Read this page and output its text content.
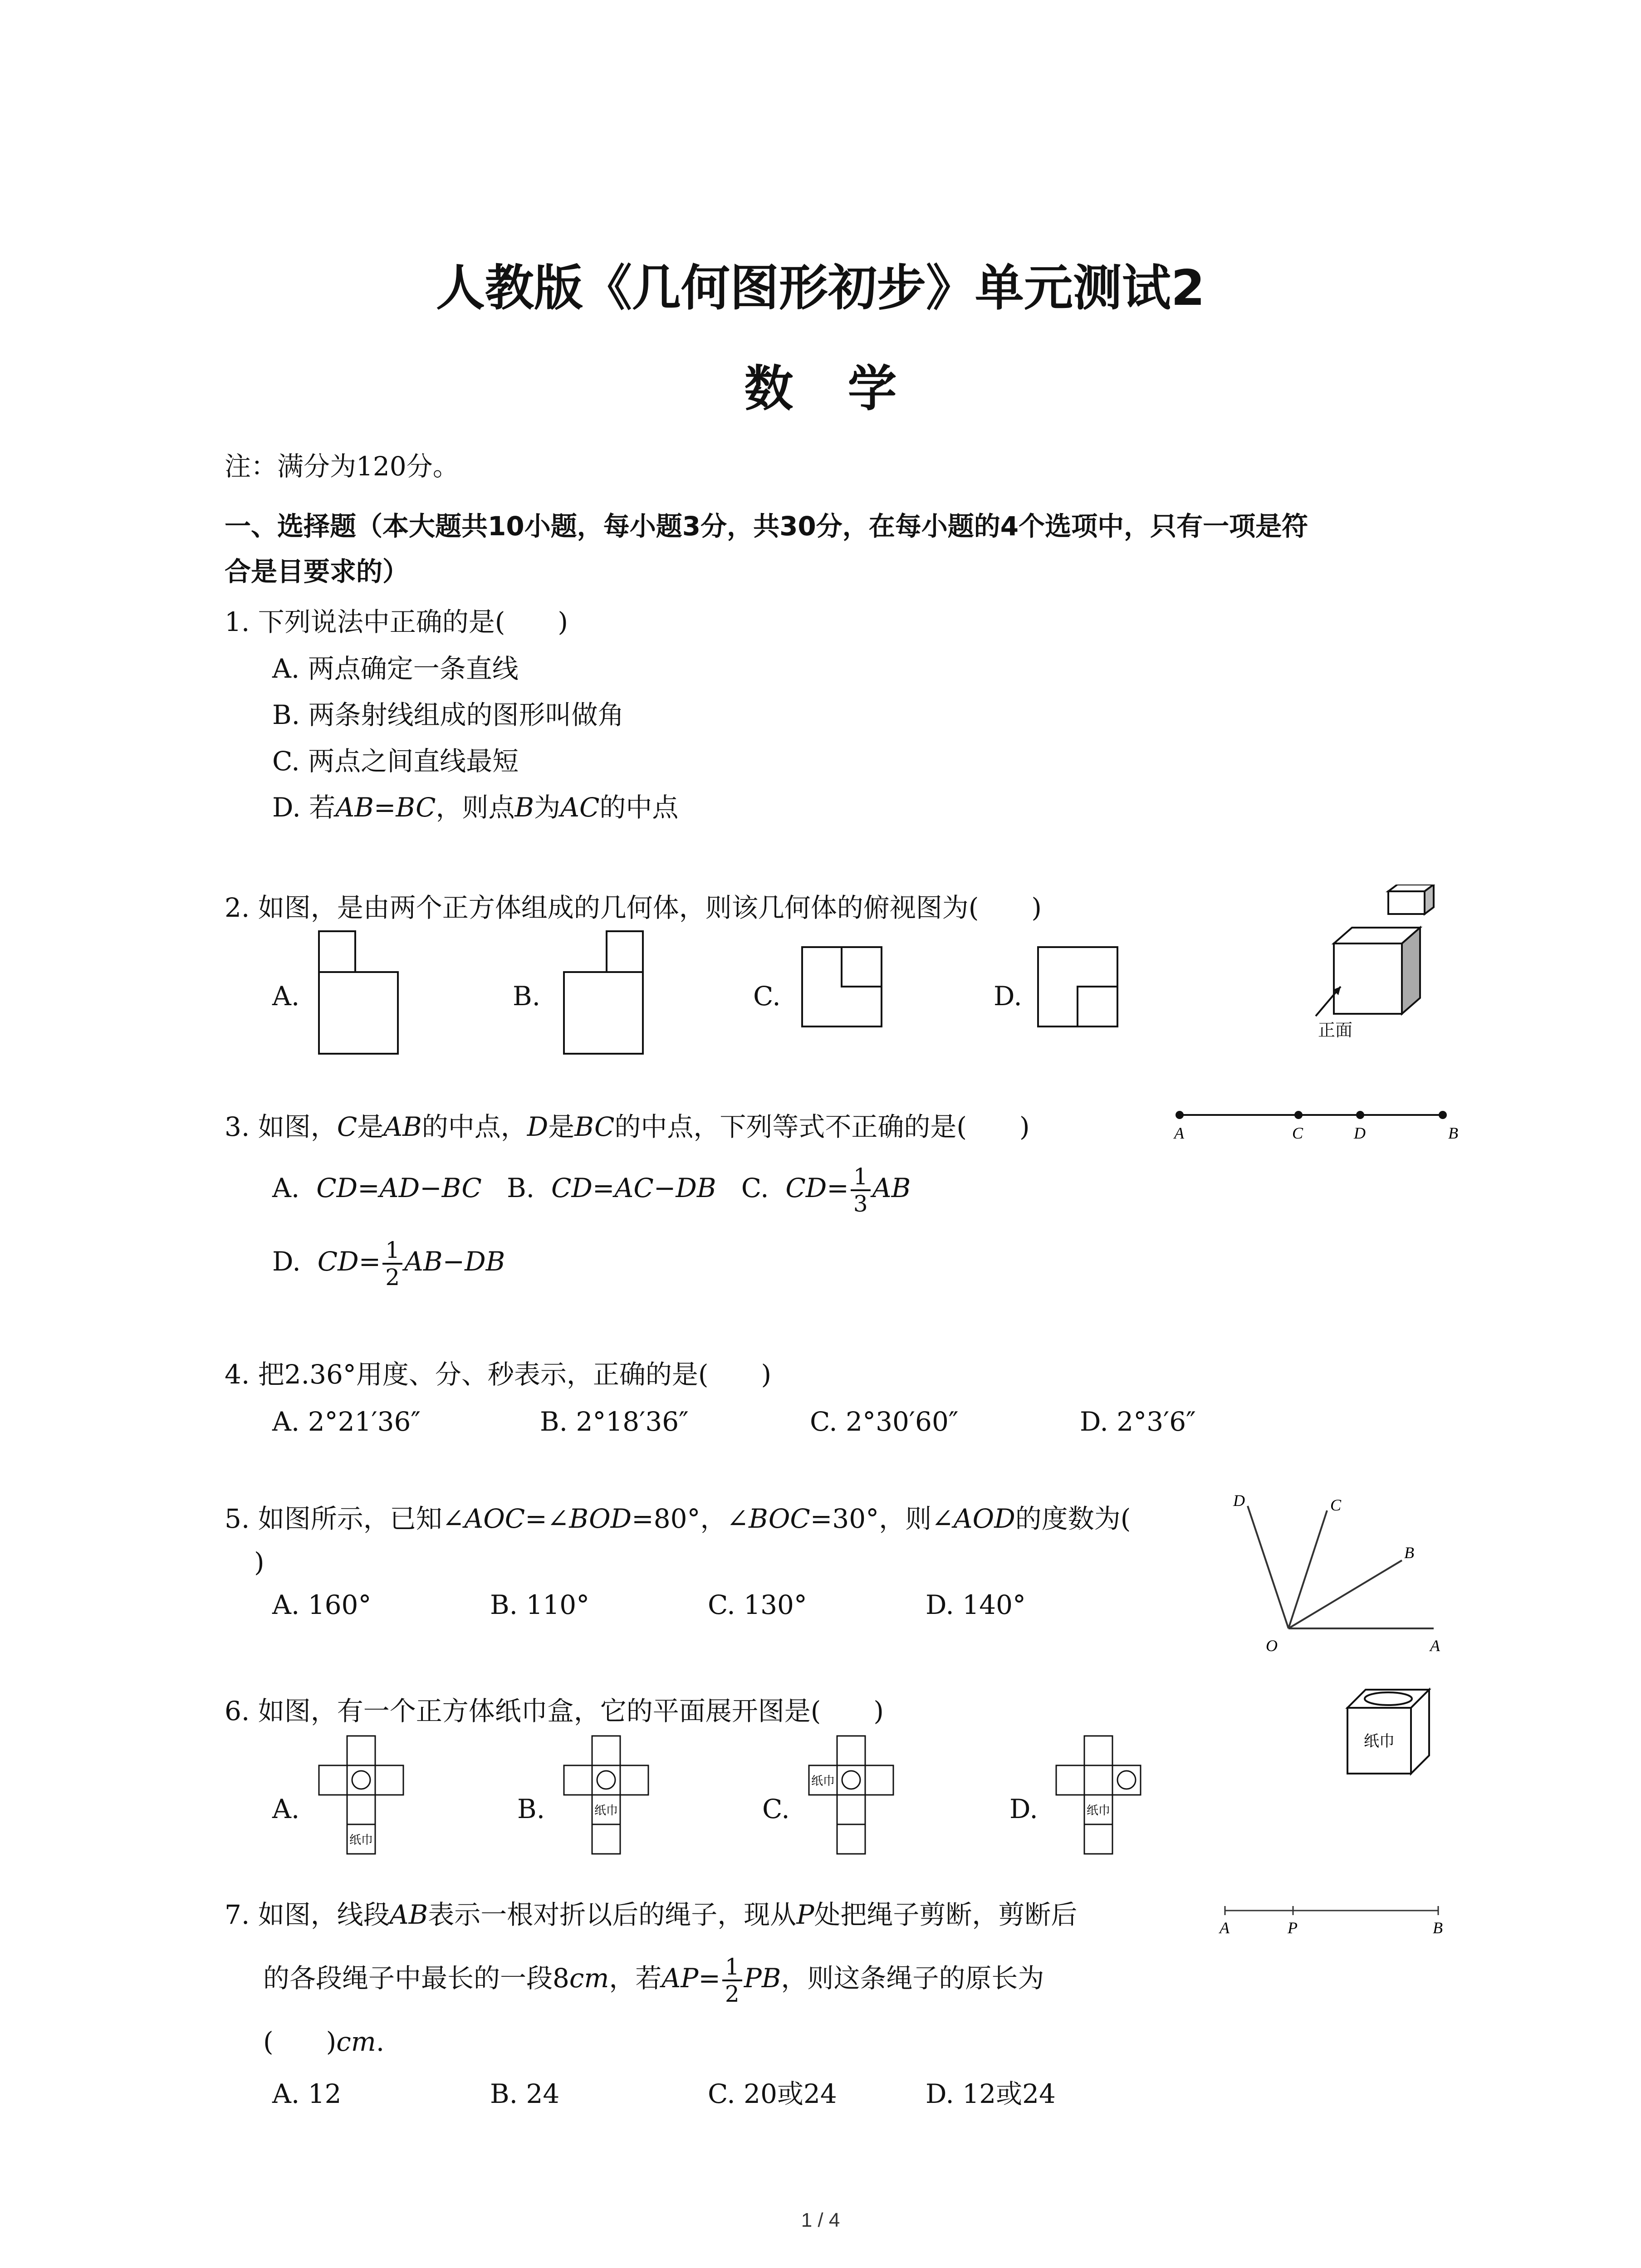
人教版《几何图形初步》单元测试2
数学
注：满分为120分。
一、选择题（本大题共10小题，每小题3分，共30分，在每小题的4个选项中，只有一项是符
合是目要求的）
1. 下列说法中正确的是(　　)
A. 两点确定一条直线
B. 两条射线组成的图形叫做角
C. 两点之间直线最短
D. 若AB=BC，则点B为AC的中点
2. 如图，是由两个正方体组成的几何体，则该几何体的俯视图为(　　)
A.	B.	C.	D.
正面
3. 如图，C是AB的中点，D是BC的中点，下列等式不正确的是(　　)
A. CD=AD−BC B. CD=AC−DB C. $CD= \frac{1}{3}$ AB
D. $CD= \frac{1}{2} AB-DB$
A	C	D	B
4. 把2.36°用度、分、秒表示，正确的是(　　)
A. 2°21′36″	B. 2°18′36″	C. 2°30′60″	D. 2°3′6″
5. 如图所示，已知∠AOC=∠BOD=80°，∠BOC=30°，则∠AOD的度数为(
)
A. 160°	B. 110°	C. 130°	D. 140°
D	C
B
O	A
6. 如图，有一个正方体纸巾盒，它的平面展开图是(　　)
A.	B.	C.	D.
纸巾
纸巾
纸巾
纸巾
纸巾
7. 如图，线段AB表示一根对折以后的绳子，现从P处把绳子剪断，剪断后
的各段绳子中最长的一段8cm，若$AP= \frac{1}{2}$ PB，则这条绳子的原长为
(　　)cm.
A. 12	B. 24	C. 20或24	D. 12或24
A	P	B
1 / 4
